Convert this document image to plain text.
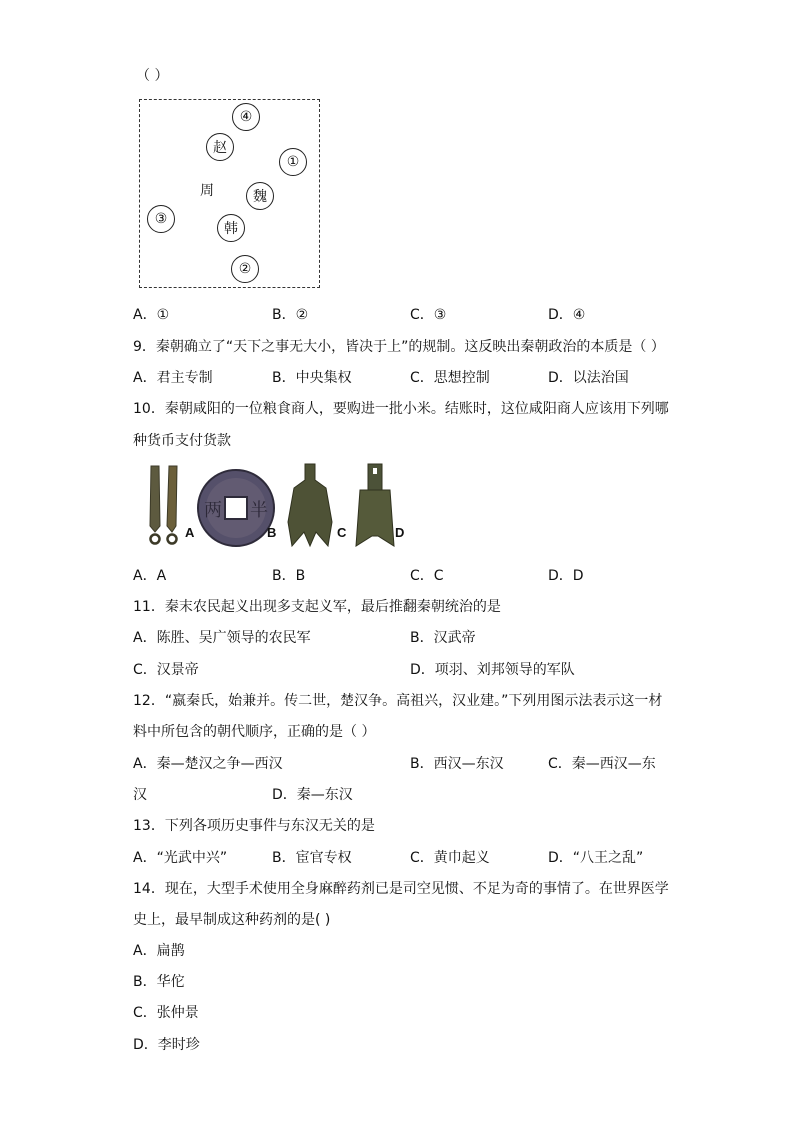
（ ）
④
赵
①
周	魏
③
韩
②
A．①	B．②	C．③	D．④
9．秦朝确立了“天下之事无大小，皆决于上”的规制。这反映出秦朝政治的本质是（ ）
A．君主专制	B．中央集权	C．思想控制	D．以法治国
10．秦朝咸阳的一位粮食商人，要购进一批小米。结账时，这位咸阳商人应该用下列哪
种货币支付货款
A
两 半
B	C	D
A．A	B．B	C．C	D．D
11．秦末农民起义出现多支起义军，最后推翻秦朝统治的是
A．陈胜、吴广领导的农民军	B．汉武帝
C．汉景帝	D．项羽、刘邦领导的军队
12．“嬴秦氏，始兼并。传二世，楚汉争。高祖兴，汉业建。”下列用图示法表示这一材
料中所包含的朝代顺序，正确的是（ ）
A．秦—楚汉之争—西汉	B．西汉—东汉	C．秦—西汉—东
汉	D．秦—东汉
13．下列各项历史事件与东汉无关的是
A．“光武中兴”	B．宦官专权	C．黄巾起义	D．“八王之乱”
14．现在，大型手术使用全身麻醉药剂已是司空见惯、不足为奇的事情了。在世界医学
史上，最早制成这种药剂的是( )
A．扁鹊
B．华佗
C．张仲景
D．李时珍
